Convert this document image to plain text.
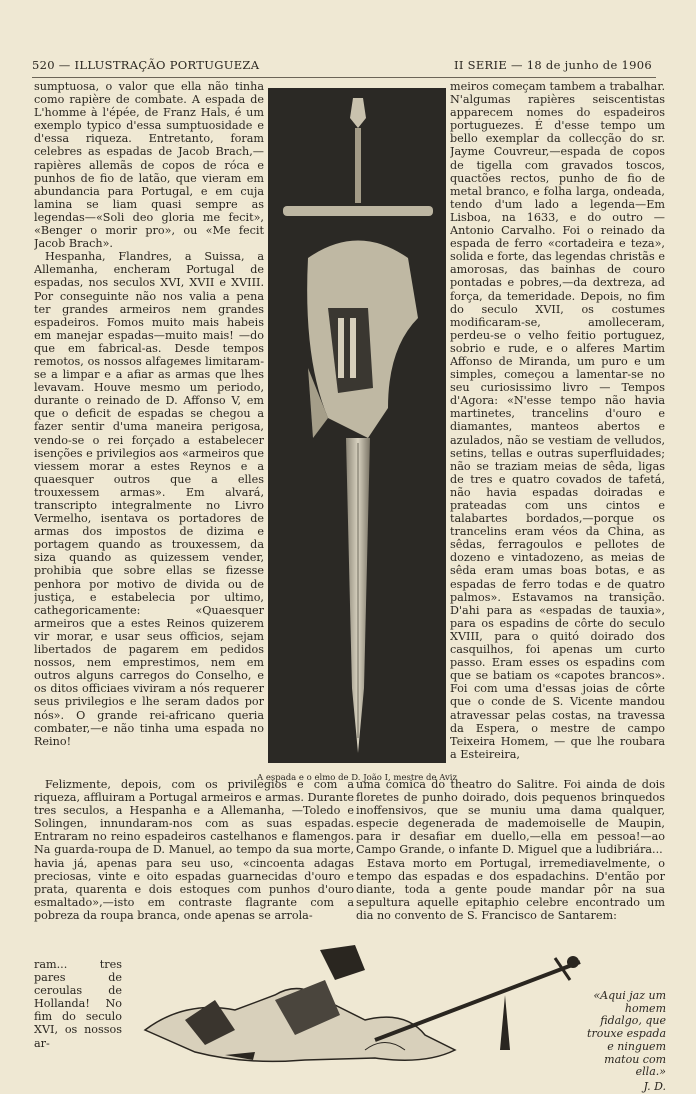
520 — ILLUSTRAÇÃO PORTUGUEZA	II SERIE — 18 de junho de 1906

sumptuosa, o valor que ella não tinha como rapière de combate. A espada de L'homme à l'épée, de Franz Hals, é um exemplo typico d'essa sumptuosidade e d'essa riqueza. Entretanto, foram celebres as espadas de Jacob Brach,—rapières allemãs de copos de róca e punhos de fio de latão, que vieram em abundancia para Portugal, e em cuja lamina se liam quasi sempre as legendas—«Soli deo gloria me fecit», «Benger o morir pro», ou «Me fecit Jacob Brach».

Hespanha, Flandres, a Suissa, a Allemanha, encheram Portugal de espadas, nos seculos XVI, XVII e XVIII. Por conseguinte não nos valia a pena ter grandes armeiros nem grandes espadeiros. Fomos muito mais habeis em manejar espadas—muito mais! —do que em fabrical-as. Desde tempos remotos, os nossos alfageмes limitaram-se a limpar e a afiar as armas que lhes levavam. Houve mesmo um periodo, durante o reinado de D. Affonso V, em que o deficit de espadas se chegou a fazer sentir d'uma maneira perigosa, vendo-se o rei forçado a estabelecer isenções e privilegios aos «armeiros que viessem morar a estes Reynos e a quaesquer outros que a elles trouxessem armas». Em alvará, transcripto integralmente no Livro Vermelho, isentava os portadores de armas dos impostos de dizima e portagem quando as trouxessem, da siza quando as quizessem vender, prohibia que sobre ellas se fizesse penhora por motivo de divida ou de justiça, e estabelecia por ultimo, cathegoricamente: «Quaesquer armeiros que a estes Reinos quizerem vir morar, e usar seus officios, sejam libertados de pagarem em pedidos nossos, nem emprestimos, nem em outros alguns carregos do Conselho, e os ditos officiaes viviram a nós requerer seus privilegios e lhe seram dados por nós». O grande rei-africano queria combater,—e não tinha uma espada no Reino!

A espada e o elmo de D. João I, mestre de Aviz

meiros começam tambem a trabalhar. N'algumas rapières seiscentistas apparecem nomes do espadeiros portuguezes. É d'esse tempo um bello exemplar da collecção do sr. Jayme Couvreur,—espada de copos de tigella com gravados toscos, quactões rectos, punho de fio de metal branco, e folha larga, ondeada, tendo d'um lado a legenda—Em Lisboa, na 1633, e do outro — Antonio Carvalho. Foi o reinado da espada de ferro «cortadeira e teza», solida e forte, das legendas christãs e amorosas, das bainhas de couro pontadas e pobres,—da dextreza, ad força, da temeridade. Depois, no fim do seculo XVII, os costumes modificaram-se, amolleceram, perdeu-se o velho feitio portuguez, sobrio e rude, e o alferes Martim Affonso de Miranda, um puro e um simples, começou a lamentar-se no seu curiosissimo livro — Tempos d'Agora: «N'esse tempo não havia martinetes, trancelins d'ouro e diamantes, manteos abertos e azulados, não se vestiam de velludos, setins, tellas e outras superfluidades; não se traziam meias de sêda, ligas de tres e quatro covados de tafetá, não havia espadas doiradas e prateadas com uns cintos e talabartes bordados,—porque os trancelins eram véos da China, as sêdas, ferragoulos e pellotes de dozeno e vintadozeno, as meias de sêda eram umas boas botas, e as espadas de ferro todas e de quatro palmos». Estavamos na transição. D'ahi para as «espadas de tauxia», para os espadins de côrte do seculo XVIII, para o quitó doirado dos casquilhos, foi apenas um curto passo. Eram esses os espadins com que se batiam os «capotes brancos». Foi com uma d'essas joias de côrte que o conde de S. Vicente mandou atravessar pelas costas, na travessa da Espera, o mestre de campo Teixeira Homem, — que lhe roubara a Esteireira,

Felizmente, depois, com os privilegios e com a riqueza, affluiram a Portugal armeiros e armas. Durante tres seculos, a Hespanha e a Allemanha, —Toledo e Solingen, innundaram-nos com as suas espadas. Entraram no reino espadeiros castelhanos e flamengos. Na guarda-roupa de D. Manuel, ao tempo da sua morte, havia já, apenas para seu uso, «cincoenta adagas preciosas, vinte e oito espadas guarnecidas d'ouro e prata, quarenta e dois estoques com punhos d'ouro esmaltado»,—isto em contraste flagrante com a pobreza da roupa branca, onde apenas se arrola-

uma comica do theatro do Salitre. Foi ainda de dois floretes de punho doirado, dois pequenos brinquedos inoffensivos, que se muniu uma dama qualquer, especie degenerada de mademoiselle de Maupin, para ir desafiar em duello,—ella em pessoa!—ao Campo Grande, o infante D. Miguel que a ludibriára...

Estava morto em Portugal, irremediavelmente, o tempo das espadas e dos espadachins. D'então por diante, toda a gente poude mandar pôr na sua sepultura aquelle epitaphio celebre encontrado um dia no convento de S. Francisco de Santarem:

ram... tres pares de ceroulas de Hollanda! No fim do seculo XVI, os nossos ar-

«Aqui jaz um homem fidalgo, que trouxe espada e ninguem matou com ella.»
J. D.
